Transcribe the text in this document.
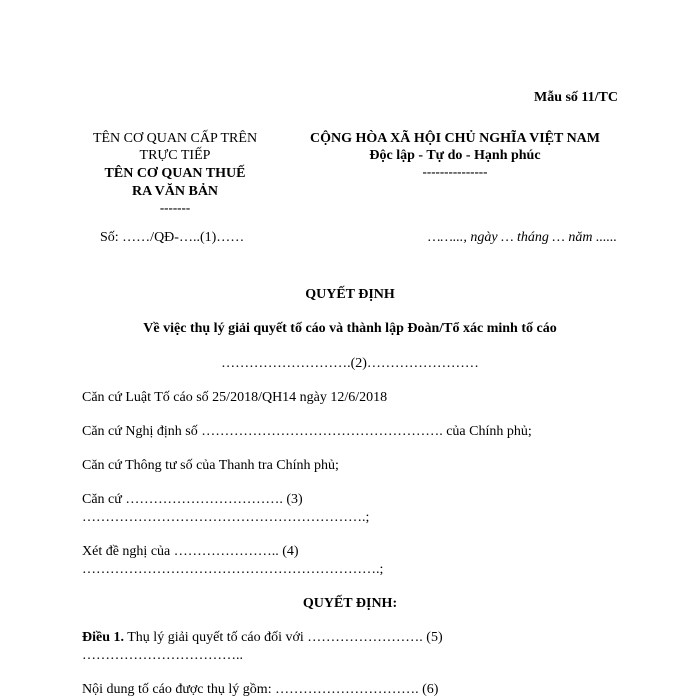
Mẫu số 11/TC
TÊN CƠ QUAN CẤP TRÊN
TRỰC TIẾP
TÊN CƠ QUAN THUẾ
RA VĂN BẢN
-------
CỘNG HÒA XÃ HỘI CHỦ NGHĨA VIỆT NAM
Độc lập - Tự do - Hạnh phúc
---------------
Số: ……/QĐ-…..(1)……	……..., ngày … tháng … năm ......
QUYẾT ĐỊNH
Về việc thụ lý giải quyết tố cáo và thành lập Đoàn/Tổ xác minh tố cáo
……………………….(2)……………………
Căn cứ Luật Tố cáo số 25/2018/QH14 ngày 12/6/2018
Căn cứ Nghị định số ……………………………………………. của Chính phủ;
Căn cứ Thông tư số của Thanh tra Chính phủ;
Căn cứ ……………………………. (3)
…………………………………………………….;
Xét đề nghị của ………………….. (4)
……………………………………………………….;
QUYẾT ĐỊNH:
Điều 1. Thụ lý giải quyết tố cáo đối với ……………………. (5)
……………………………..
Nội dung tố cáo được thụ lý gồm: …………………………. (6)
